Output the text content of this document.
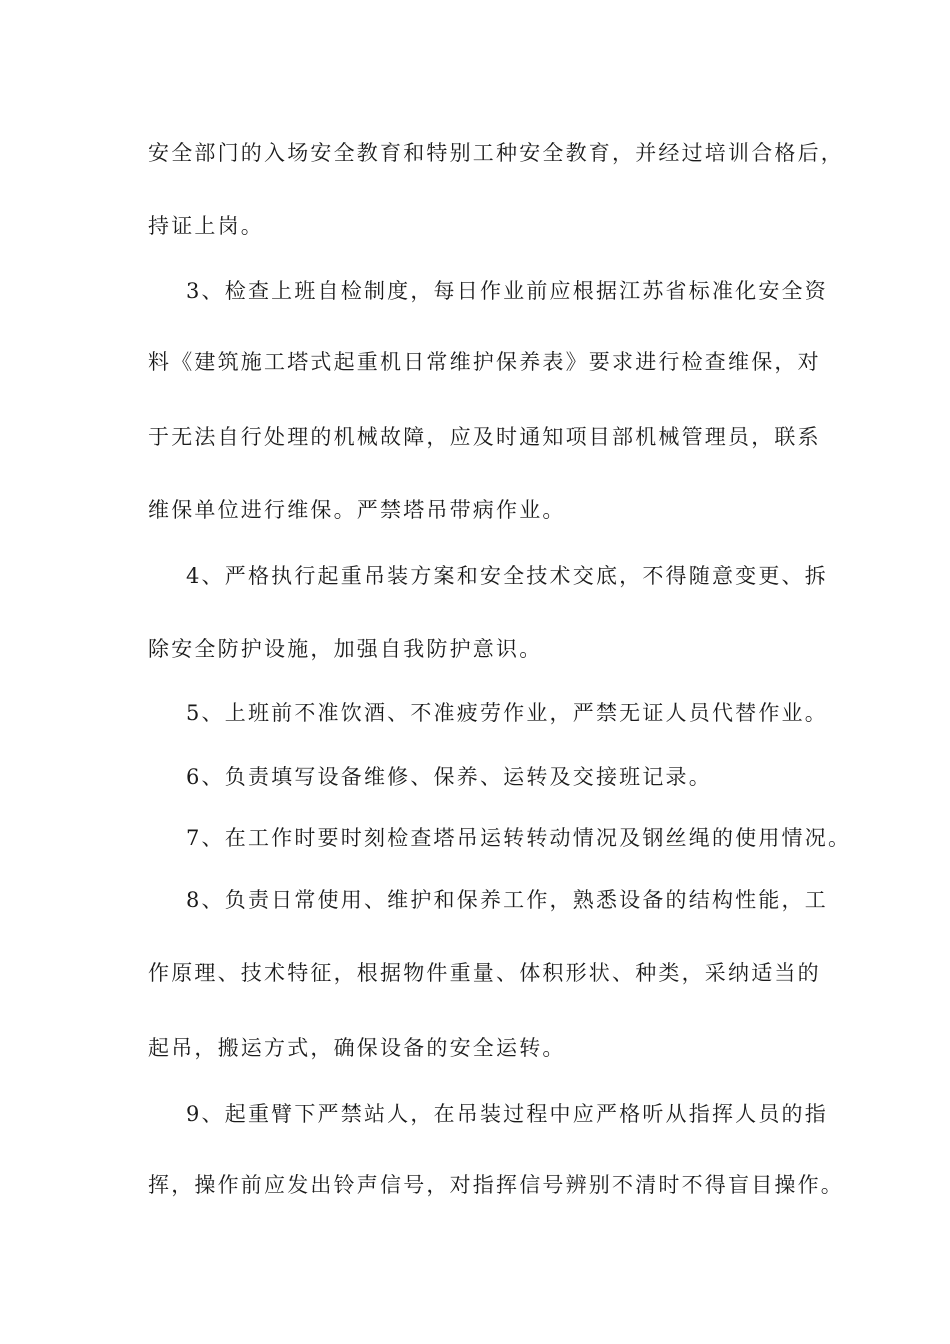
安全部门的入场安全教育和特别工种安全教育，并经过培训合格后，
持证上岗。
3、检查上班自检制度，每日作业前应根据江苏省标准化安全资
料《建筑施工塔式起重机日常维护保养表》要求进行检查维保，对
于无法自行处理的机械故障，应及时通知项目部机械管理员，联系
维保单位进行维保。严禁塔吊带病作业。
4、严格执行起重吊装方案和安全技术交底，不得随意变更、拆
除安全防护设施，加强自我防护意识。
5、上班前不准饮酒、不准疲劳作业，严禁无证人员代替作业。
6、负责填写设备维修、保养、运转及交接班记录。
7、在工作时要时刻检查塔吊运转转动情况及钢丝绳的使用情况。
8、负责日常使用、维护和保养工作，熟悉设备的结构性能，工
作原理、技术特征，根据物件重量、体积形状、种类，采纳适当的
起吊，搬运方式，确保设备的安全运转。
9、起重臂下严禁站人，在吊装过程中应严格听从指挥人员的指
挥，操作前应发出铃声信号，对指挥信号辨别不清时不得盲目操作。
